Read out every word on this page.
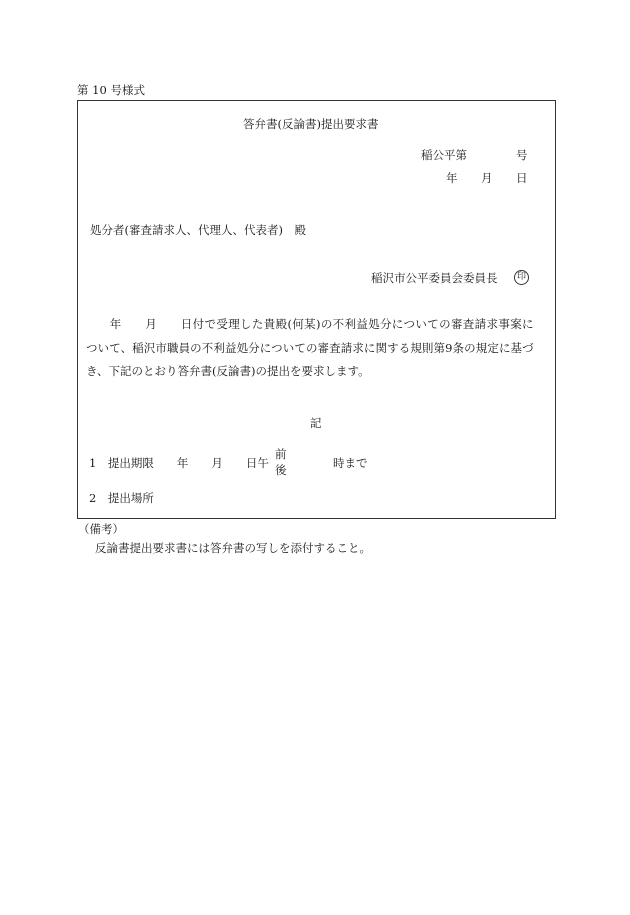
第 10 号様式
答弁書(反論書)提出要求書
稲公平第	号
年 月 日
処分者(審査請求人、代理人、代表者)　殿
稲沢市公平委員会委員長	印
　　年　　月　　日付で受理した貴殿(何某)の不利益処分についての審査請求事案に
ついて、稲沢市職員の不利益処分についての審査請求に関する規則第9条の規定に基づ
き、下記のとおり答弁書(反論書)の提出を要求します。
記
1　提出期限　　年　　月　　日午
前
後	時まで
2　提出場所
（備考）
反論書提出要求書には答弁書の写しを添付すること。
